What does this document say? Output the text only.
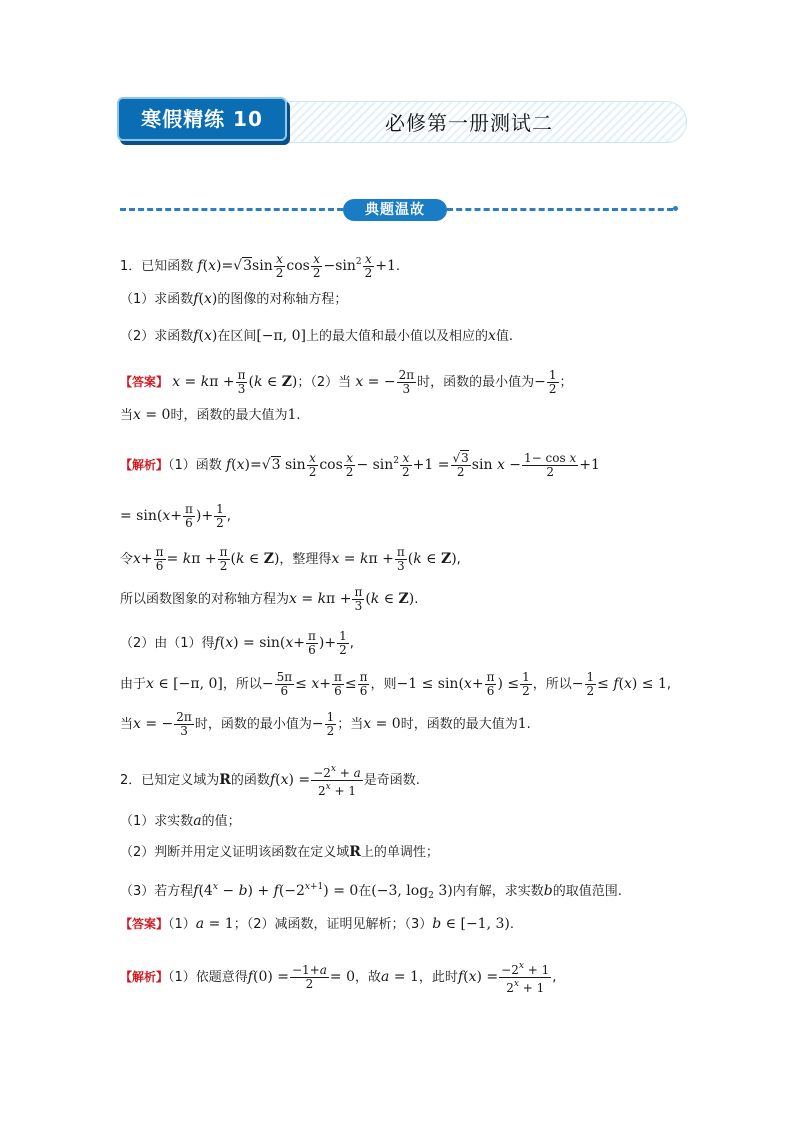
寒假精练 10	必修第一册测试二
典题温故
1．已知函数 $f(x)=√3\sin \frac{x}{2}$ $\cos \frac{x}{2} -\sin^2 \frac{x}{2} +1$.
（1）求函数f(x)的图像的对称轴方程；
（2）求函数f(x)在区间[−π, 0]上的最大值和最小值以及相应的x值.
【答案】 $x = k\pi + \frac{\pi}{3} (k$ ∈ Z)；（2）当 x = − $\frac{2\pi}{3}$ 时，函数的最小值为− $\frac{1}{2}$ ；
当x = 0时，函数的最大值为1.
【解析】（1）函数 f(x)=√3 $\sin \frac{x}{2}$ $\cos \frac{x}{2} - \sin^2 \frac{x}{2} +1 = \frac{√3}{2}$ $\sin x - \frac{\text{1− cos x}}{2} +1$
= $\sin(x+ \frac{\pi}{6}$ )+ $\frac{1}{2}$ ,
令$x+ \frac{\pi}{6} = k\pi + \frac{\pi}{2} (k$ ∈ Z)，整理得$x = k\pi + \frac{\pi}{3} (k$ ∈ Z),
所以函数图象的对称轴方程为$x = k\pi + \frac{\pi}{3} (k$ ∈ Z).
（2）由（1）得$f(x) = \sin(x+ \frac{\pi}{6}$ )+ $\frac{1}{2}$ ,
由于x ∈ [−π, 0]，所以− $\frac{5\pi}{6} \le x+ \frac{\pi}{6} \le \frac{\pi}{6}$ ，则$-1 \le \sin(x+ \frac{\pi}{6}$ ) ≤ $\frac{1}{2}$ ，所以− $\frac{1}{2} \le f(x) \le 1$,
当x = − $\frac{2\pi}{3}$ 时，函数的最小值为− $\frac{1}{2}$ ；当x = 0时，函数的最大值为1.
2．已知定义域为R的函数$f(x) = \frac{-2^x + a}{2^x + 1}$ 是奇函数.
（1）求实数a的值；
（2）判断并用定义证明该函数在定义域R上的单调性；
（3）若方程$f(4^x - b) + f(-2^{x+1}) = 0$在(−3, $\log_2 3$)内有解，求实数b的取值范围.
【答案】（1）a = 1；（2）减函数，证明见解析；（3）b ∈ [−1, 3).
【解析】（1）依题意得$f(0) = \frac{-1+a}{2} = 0$，故a = 1，此时$f(x) = \frac{-2^x + 1}{2^x + 1}$ ,
